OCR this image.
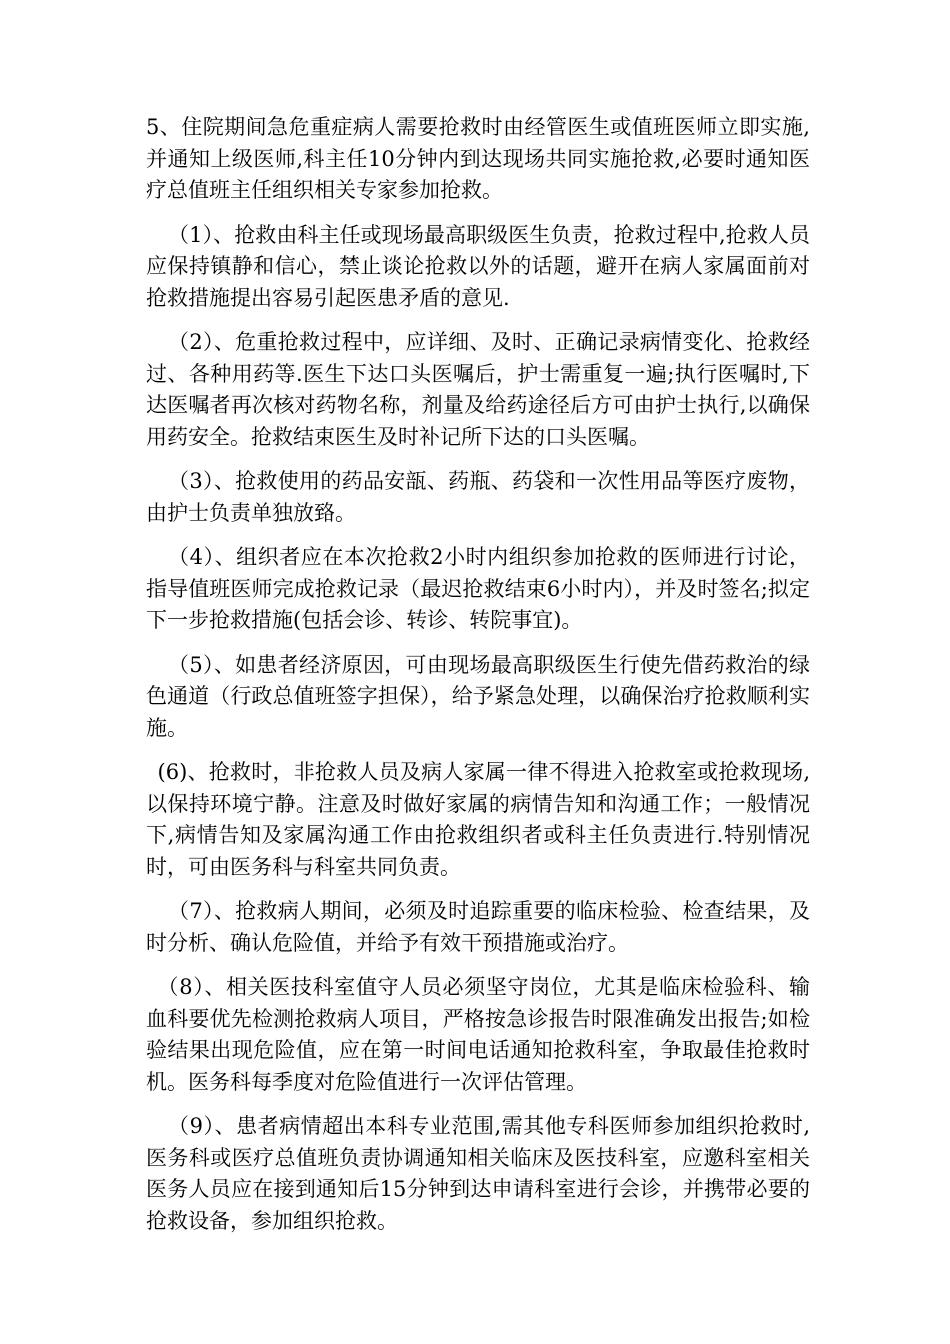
5、住院期间急危重症病人需要抢救时由经管医生或值班医师立即实施,并通知上级医师,科主任10分钟内到达现场共同实施抢救,必要时通知医疗总值班主任组织相关专家参加抢救。

（1）、抢救由科主任或现场最高职级医生负责，抢救过程中,抢救人员应保持镇静和信心，禁止谈论抢救以外的话题，避开在病人家属面前对抢救措施提出容易引起医患矛盾的意见.

（2）、危重抢救过程中，应详细、及时、正确记录病情变化、抢救经过、各种用药等.医生下达口头医嘱后，护士需重复一遍;执行医嘱时,下达医嘱者再次核对药物名称，剂量及给药途径后方可由护士执行,以确保用药安全。抢救结束医生及时补记所下达的口头医嘱。

（3）、抢救使用的药品安瓿、药瓶、药袋和一次性用品等医疗废物，由护士负责单独放臵。

（4）、组织者应在本次抢救2小时内组织参加抢救的医师进行讨论，指导值班医师完成抢救记录（最迟抢救结束6小时内），并及时签名;拟定下一步抢救措施(包括会诊、转诊、转院事宜)。

（5）、如患者经济原因，可由现场最高职级医生行使先借药救治的绿色通道（行政总值班签字担保），给予紧急处理，以确保治疗抢救顺利实施。

(6)、抢救时，非抢救人员及病人家属一律不得进入抢救室或抢救现场,以保持环境宁静。注意及时做好家属的病情告知和沟通工作；一般情况下,病情告知及家属沟通工作由抢救组织者或科主任负责进行.特别情况时，可由医务科与科室共同负责。

（7）、抢救病人期间，必须及时追踪重要的临床检验、检查结果，及时分析、确认危险值，并给予有效干预措施或治疗。

（8）、相关医技科室值守人员必须坚守岗位，尤其是临床检验科、输血科要优先检测抢救病人项目，严格按急诊报告时限准确发出报告;如检验结果出现危险值，应在第一时间电话通知抢救科室，争取最佳抢救时机。医务科每季度对危险值进行一次评估管理。

（9）、患者病情超出本科专业范围,需其他专科医师参加组织抢救时,医务科或医疗总值班负责协调通知相关临床及医技科室，应邀科室相关医务人员应在接到通知后15分钟到达申请科室进行会诊，并携带必要的抢救设备，参加组织抢救。
